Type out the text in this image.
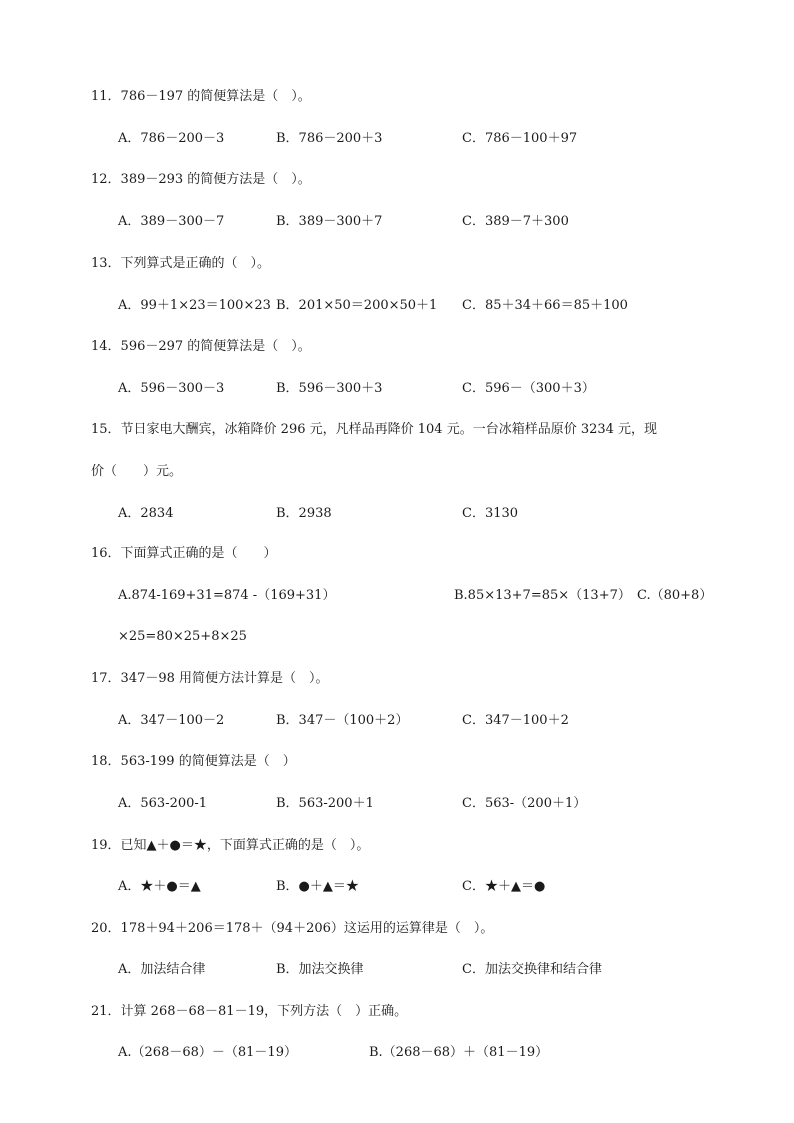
11．786－197 的简便算法是（　）。
A．786－200－3	B．786－200＋3	C．786－100＋97
12．389－293 的简便方法是（　）。
A．389－300－7	B．389－300＋7	C．389－7＋300
13．下列算式是正确的（　）。
A．99＋1×23＝100×23 B．201×50＝200×50＋1 C．85＋34＋66＝85＋100
14．596－297 的简便算法是（　）。
A．596－300－3	B．596－300＋3	C．596－（300＋3）
15．节日家电大酬宾，冰箱降价 296 元，凡样品再降价 104 元。一台冰箱样品原价 3234 元，现
价（　　）元。
A．2834	B．2938	C．3130
16．下面算式正确的是（　　）
A.874-169+31=874 -（169+31）	B.85×13+7=85×（13+7） C.（80+8）
×25=80×25+8×25
17．347－98 用简便方法计算是（　）。
A．347－100－2	B．347－（100＋2）	C．347－100＋2
18．563-199 的简便算法是（　）
A．563-200-1	B．563-200＋1	C．563-（200＋1）
19．已知▲＋●＝★，下面算式正确的是（　）。
A．★＋●＝▲	B．●＋▲＝★	C．★＋▲＝●
20．178＋94＋206＝178＋（94＋206）这运用的运算律是（　）。
A．加法结合律	B．加法交换律	C．加法交换律和结合律
21．计算 268－68－81－19，下列方法（　）正确。
A.（268－68）－（81－19）	B.（268－68）＋（81－19）
